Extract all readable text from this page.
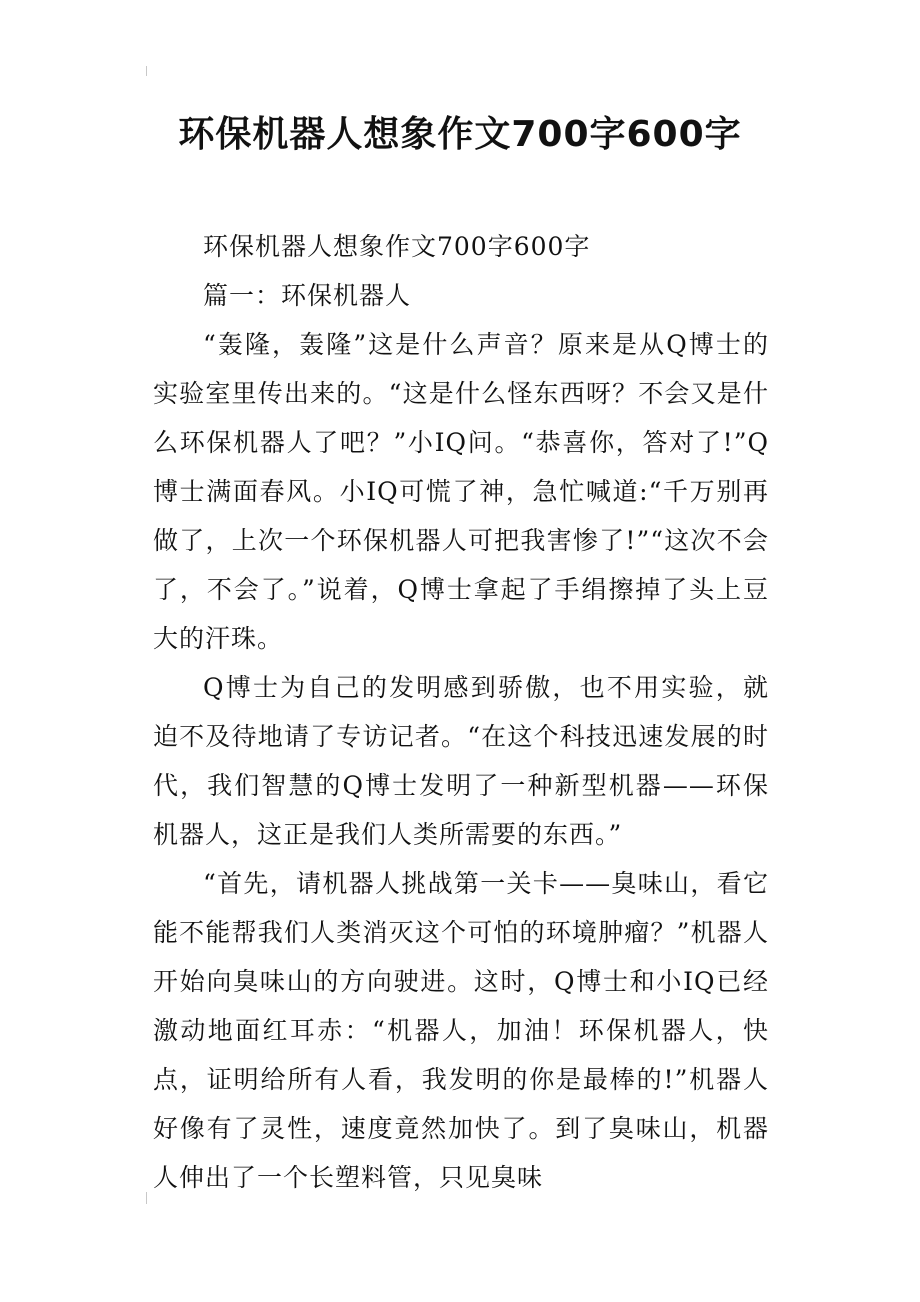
环保机器人想象作文700字600字

环保机器人想象作文700字600字

篇一：环保机器人

“轰隆，轰隆”这是什么声音？原来是从Q博士的实验室里传出来的。“这是什么怪东西呀？不会又是什么环保机器人了吧？”小IQ问。“恭喜你，答对了!”Q博士满面春风。小IQ可慌了神，急忙喊道:“千万别再做了，上次一个环保机器人可把我害惨了!”“这次不会了，不会了。”说着，Q博士拿起了手绢擦掉了头上豆大的汗珠。

Q博士为自己的发明感到骄傲，也不用实验，就迫不及待地请了专访记者。“在这个科技迅速发展的时代，我们智慧的Q博士发明了一种新型机器——环保机器人，这正是我们人类所需要的东西。”

“首先，请机器人挑战第一关卡——臭味山，看它能不能帮我们人类消灭这个可怕的环境肿瘤？”机器人开始向臭味山的方向驶进。这时，Q博士和小IQ已经激动地面红耳赤：“机器人，加油！环保机器人，快点，证明给所有人看，我发明的你是最棒的!”机器人好像有了灵性，速度竟然加快了。到了臭味山，机器人伸出了一个长塑料管，只见臭味
